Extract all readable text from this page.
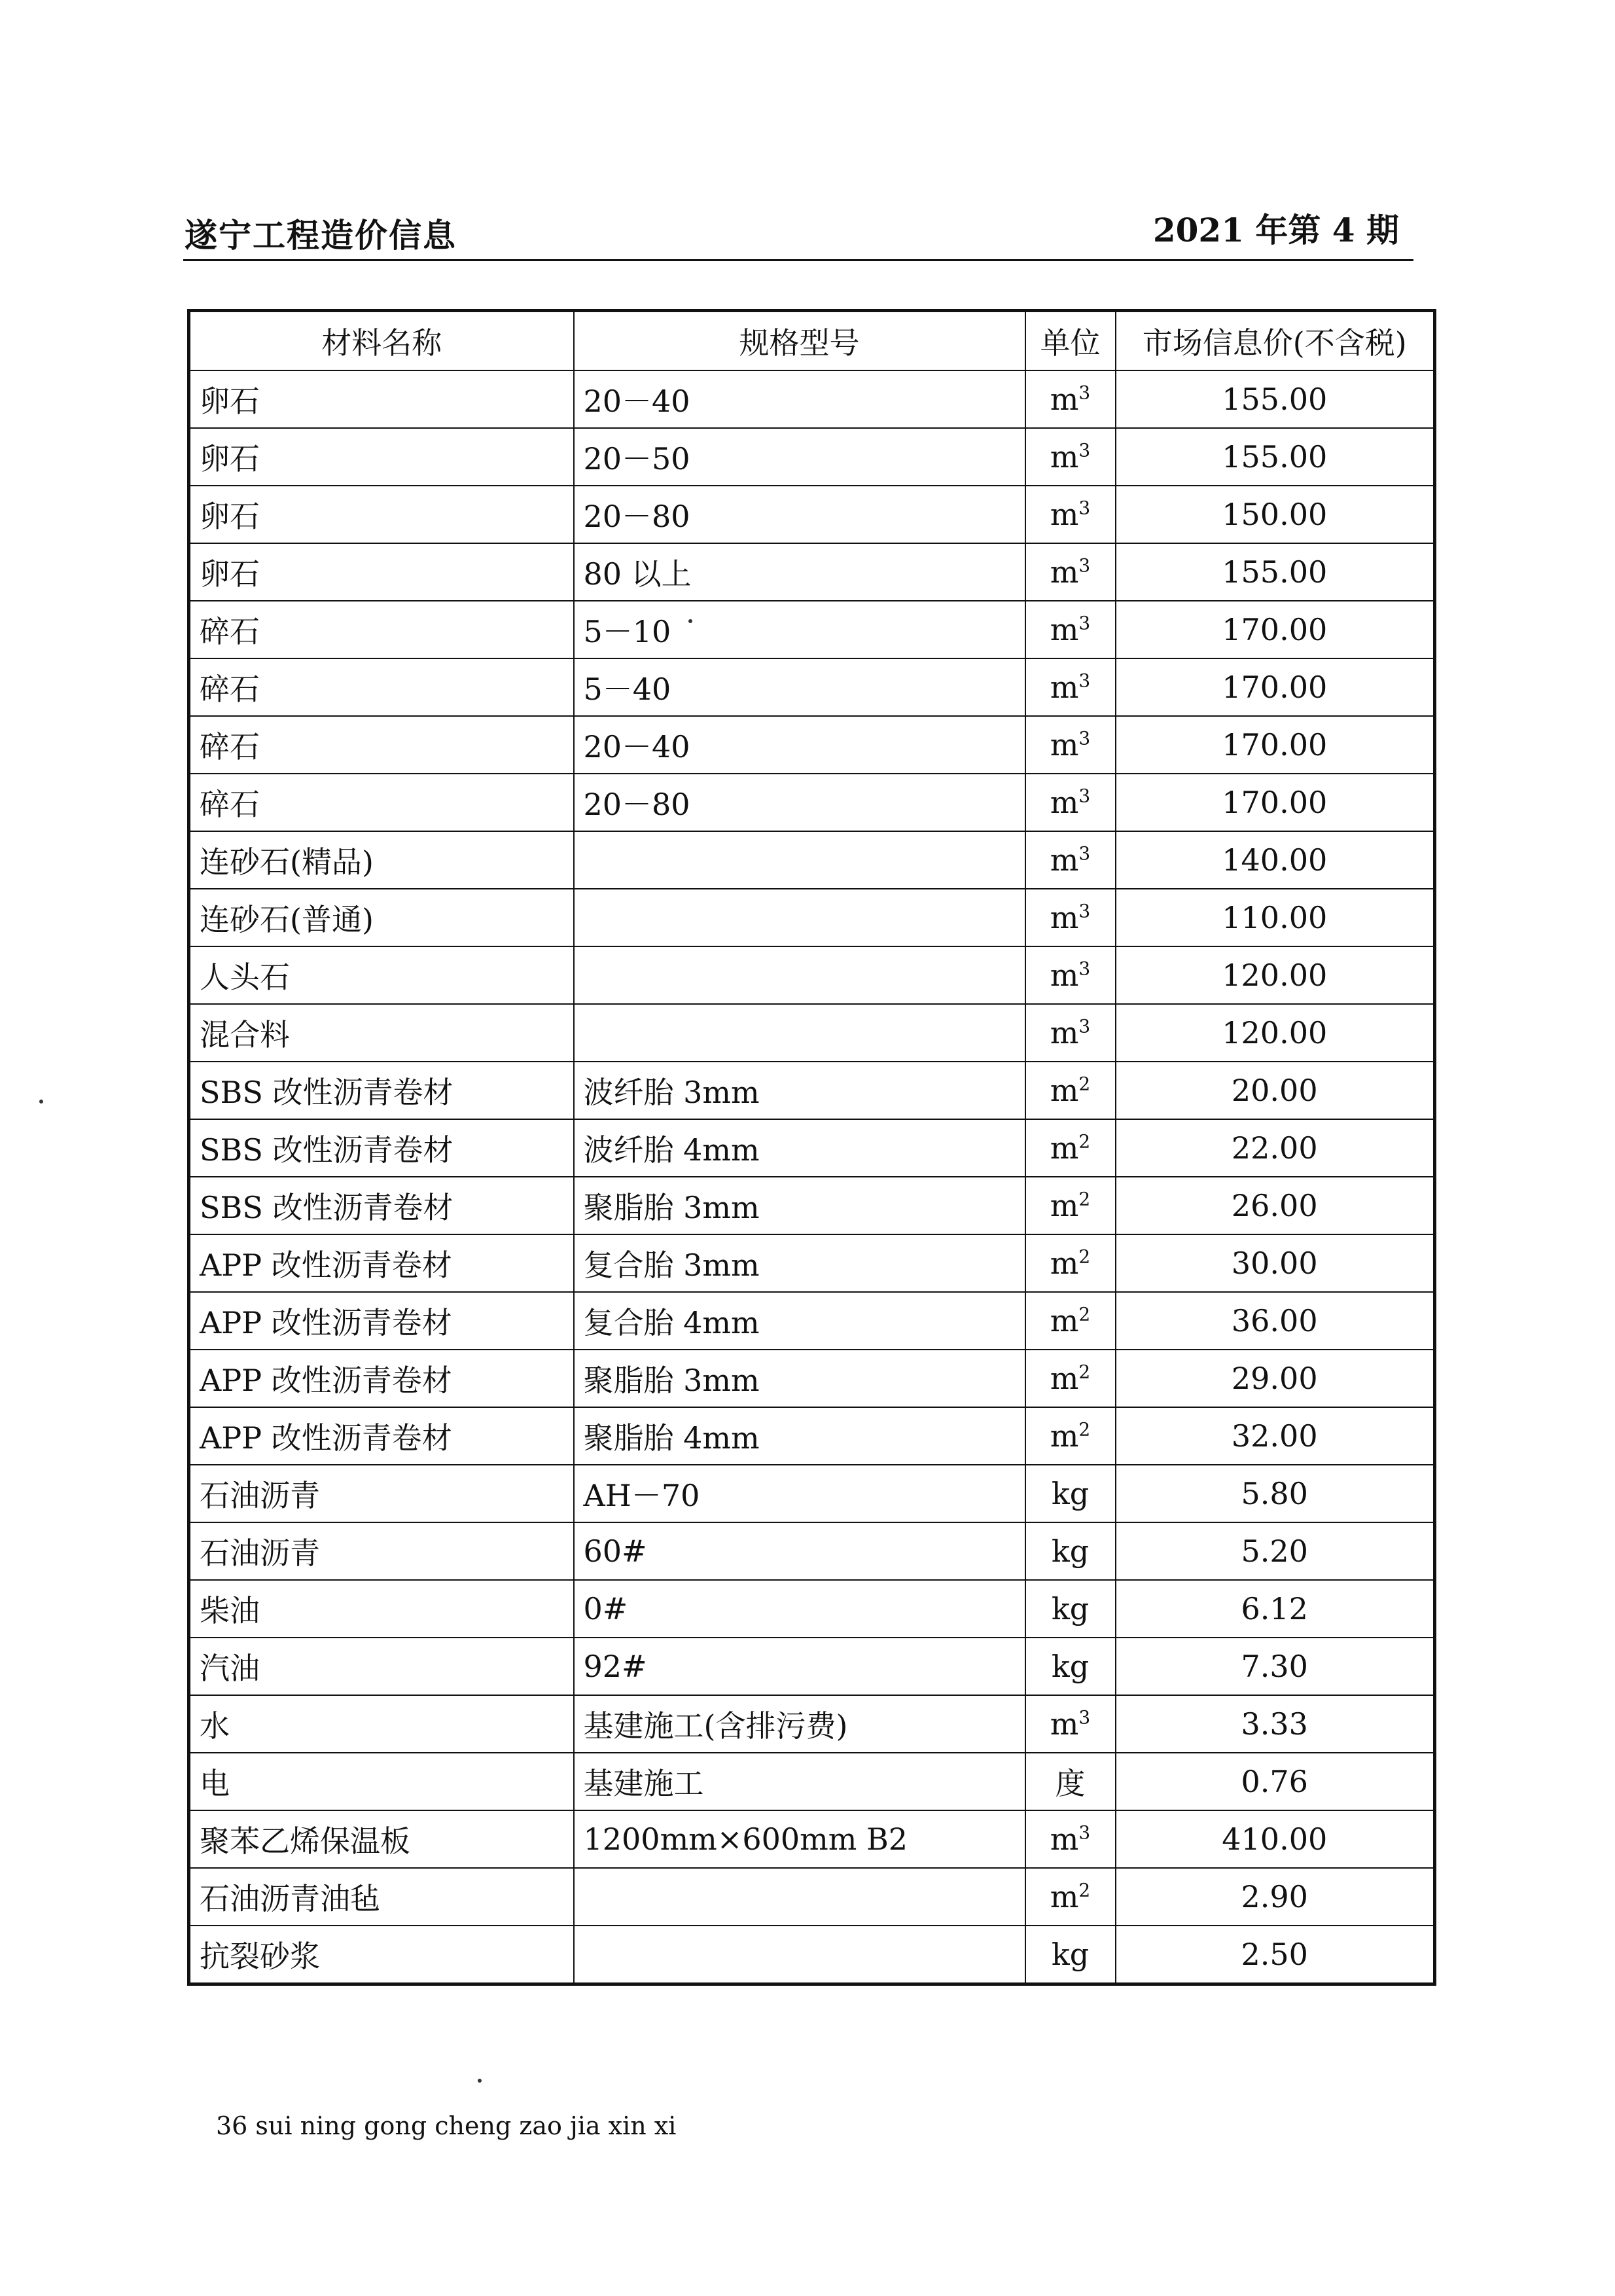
遂宁工程造价信息	2021 年第 4 期
材料名称	规格型号	单位	市场信息价(不含税)
卵石	20－40	$m^3$	155.00
卵石	20－50	$m^3$	155.00
卵石	20－80	$m^3$	150.00
卵石	80 以上	$m^3$	155.00
碎石	5－10	$m^3$	170.00
碎石	5－40	$m^3$	170.00
碎石	20－40	$m^3$	170.00
碎石	20－80	$m^3$	170.00
连砂石(精品)		$m^3$	140.00
连砂石(普通)		$m^3$	110.00
人头石		$m^3$	120.00
混合料		$m^3$	120.00
SBS 改性沥青卷材	波纤胎 3mm	$m^2$	20.00
SBS 改性沥青卷材	波纤胎 4mm	$m^2$	22.00
SBS 改性沥青卷材	聚脂胎 3mm	$m^2$	26.00
APP 改性沥青卷材	复合胎 3mm	$m^2$	30.00
APP 改性沥青卷材	复合胎 4mm	$m^2$	36.00
APP 改性沥青卷材	聚脂胎 3mm	$m^2$	29.00
APP 改性沥青卷材	聚脂胎 4mm	$m^2$	32.00
石油沥青	AH－70	kg	5.80
石油沥青	60#	kg	5.20
柴油	0#	kg	6.12
汽油	92#	kg	7.30
水	基建施工(含排污费)	$m^3$	3.33
电	基建施工	度	0.76
聚苯乙烯保温板	1200mm×600mm B2	$m^3$	410.00
石油沥青油毡		$m^2$	2.90
抗裂砂浆		kg	2.50
36 sui ning gong cheng zao jia xin xi
